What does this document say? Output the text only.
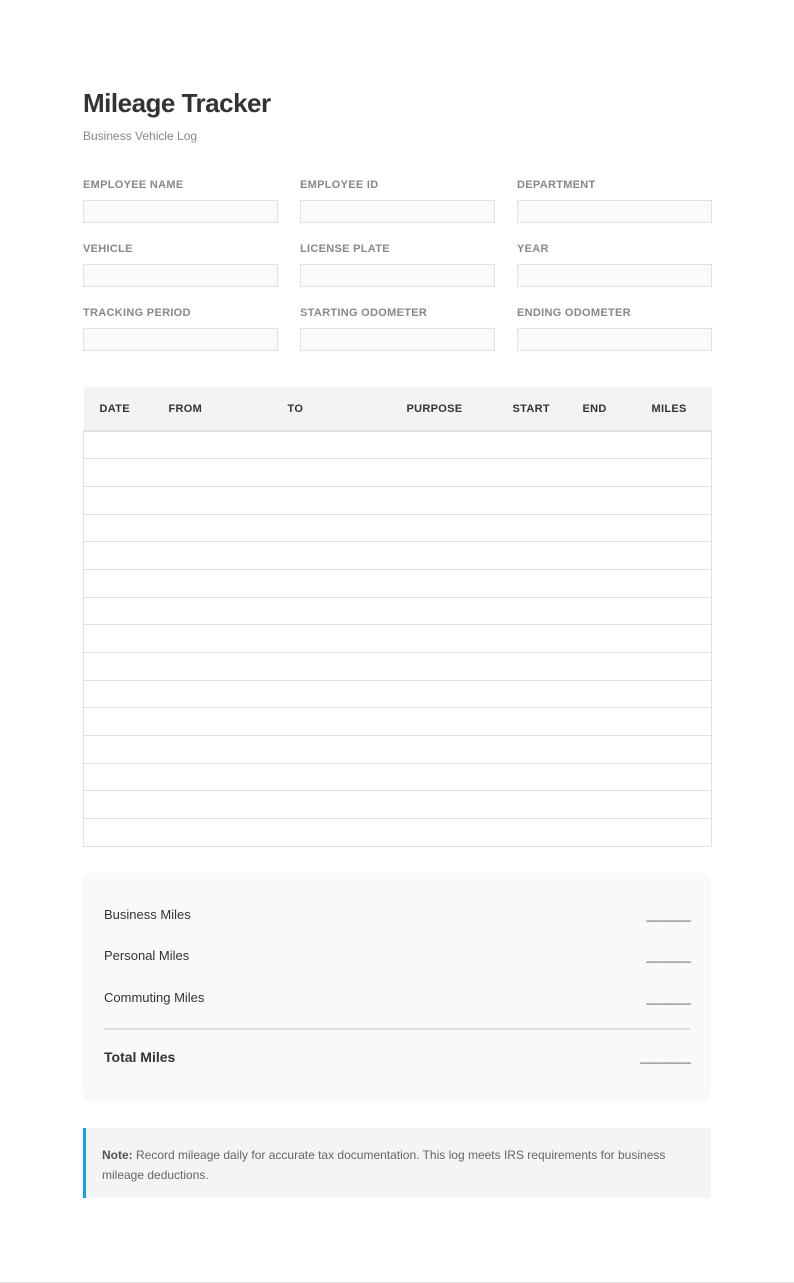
Mileage Tracker
Business Vehicle Log
EMPLOYEE NAME	EMPLOYEE ID	DEPARTMENT
VEHICLE	LICENSE PLATE	YEAR
TRACKING PERIOD	STARTING ODOMETER	ENDING ODOMETER
DATE	FROM	TO	PURPOSE	START	END	MILES

Business Miles	_______
Personal Miles	_______
Commuting Miles	_______
Total Miles	________
Note: Record mileage daily for accurate tax documentation. This log meets IRS requirements for business mileage deductions.
